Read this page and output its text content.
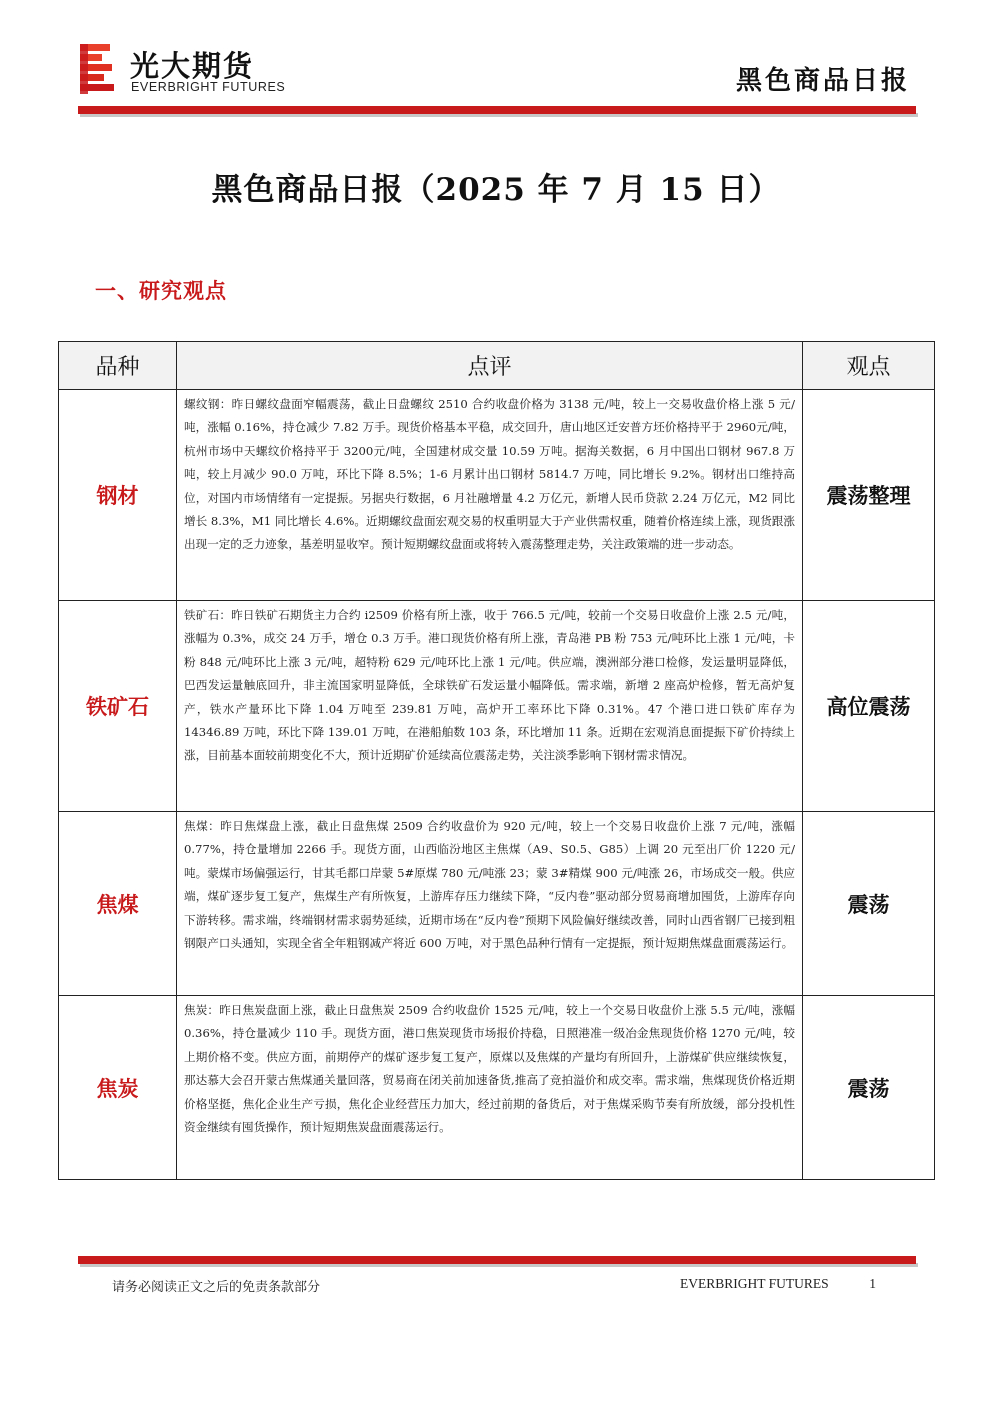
光大期货
EVERBRIGHT FUTURES	黑色商品日报
黑色商品日报（2025 年 7 月 15 日）
一、研究观点
品种	点评	观点
钢材	螺纹钢：昨日螺纹盘面窄幅震荡，截止日盘螺纹 2510 合约收盘价格为 3138 元/吨，较上一交易收盘价格上涨 5 元/吨，涨幅 0.16%，持仓减少 7.82 万手。现货价格基本平稳，成交回升，唐山地区迁安普方坯价格持平于 2960元/吨，杭州市场中天螺纹价格持平于 3200元/吨，全国建材成交量 10.59 万吨。据海关数据，6 月中国出口钢材 967.8 万吨，较上月减少 90.0 万吨，环比下降 8.5%；1-6 月累计出口钢材 5814.7 万吨，同比增长 9.2%。钢材出口维持高位，对国内市场情绪有一定提振。另据央行数据，6 月社融增量 4.2 万亿元，新增人民币贷款 2.24 万亿元，M2 同比增长 8.3%，M1 同比增长 4.6%。近期螺纹盘面宏观交易的权重明显大于产业供需权重，随着价格连续上涨，现货跟涨出现一定的乏力迹象，基差明显收窄。预计短期螺纹盘面或将转入震荡整理走势，关注政策端的进一步动态。	震荡整理
铁矿石	铁矿石：昨日铁矿石期货主力合约 i2509 价格有所上涨，收于 766.5 元/吨，较前一个交易日收盘价上涨 2.5 元/吨，涨幅为 0.3%，成交 24 万手，增仓 0.3 万手。港口现货价格有所上涨，青岛港 PB 粉 753 元/吨环比上涨 1 元/吨，卡粉 848 元/吨环比上涨 3 元/吨，超特粉 629 元/吨环比上涨 1 元/吨。供应端，澳洲部分港口检修，发运量明显降低，巴西发运量触底回升，非主流国家明显降低，全球铁矿石发运量小幅降低。需求端，新增 2 座高炉检修，暂无高炉复产，铁水产量环比下降 1.04 万吨至 239.81 万吨，高炉开工率环比下降 0.31%。47 个港口进口铁矿库存为 14346.89 万吨，环比下降 139.01 万吨，在港船舶数 103 条，环比增加 11 条。近期在宏观消息面提振下矿价持续上涨，目前基本面较前期变化不大，预计近期矿价延续高位震荡走势，关注淡季影响下钢材需求情况。	高位震荡
焦煤	焦煤：昨日焦煤盘上涨，截止日盘焦煤 2509 合约收盘价为 920 元/吨，较上一个交易日收盘价上涨 7 元/吨，涨幅 0.77%，持仓量增加 2266 手。现货方面，山西临汾地区主焦煤（A9、S0.5、G85）上调 20 元至出厂价 1220 元/吨。蒙煤市场偏强运行，甘其毛都口岸蒙 5#原煤 780 元/吨涨 23；蒙 3#精煤 900 元/吨涨 26，市场成交一般。供应端，煤矿逐步复工复产，焦煤生产有所恢复，上游库存压力继续下降，“反内卷”驱动部分贸易商增加囤货，上游库存向下游转移。需求端，终端钢材需求弱势延续，近期市场在“反内卷”预期下风险偏好继续改善，同时山西省钢厂已接到粗钢限产口头通知，实现全省全年粗钢减产将近 600 万吨，对于黑色品种行情有一定提振，预计短期焦煤盘面震荡运行。	震荡
焦炭	焦炭：昨日焦炭盘面上涨，截止日盘焦炭 2509 合约收盘价 1525 元/吨，较上一个交易日收盘价上涨 5.5 元/吨，涨幅 0.36%，持仓量减少 110 手。现货方面，港口焦炭现货市场报价持稳，日照港准一级冶金焦现货价格 1270 元/吨，较上期价格不变。供应方面，前期停产的煤矿逐步复工复产，原煤以及焦煤的产量均有所回升，上游煤矿供应继续恢复，那达慕大会召开蒙古焦煤通关量回落，贸易商在闭关前加速备货,推高了竞拍溢价和成交率。需求端，焦煤现货价格近期价格坚挺，焦化企业生产亏损，焦化企业经营压力加大，经过前期的备货后，对于焦煤采购节奏有所放缓，部分投机性资金继续有囤货操作，预计短期焦炭盘面震荡运行。	震荡
请务必阅读正文之后的免责条款部分	EVERBRIGHT FUTURES	1
